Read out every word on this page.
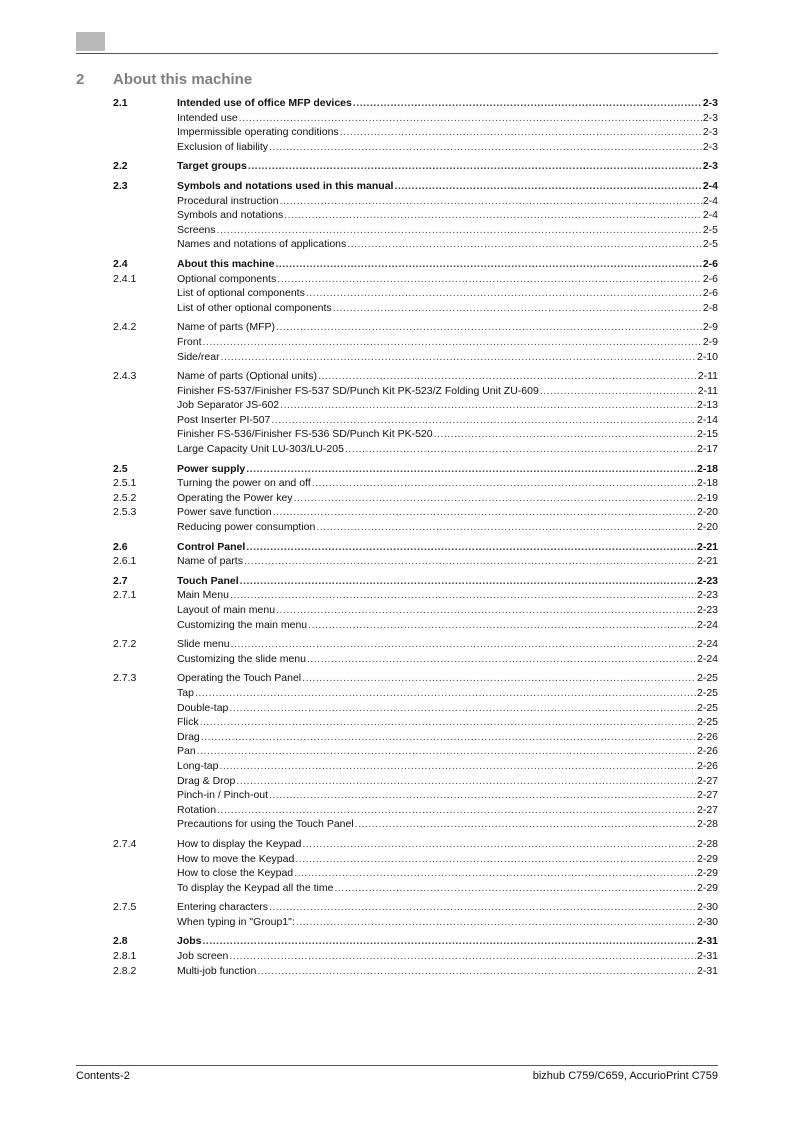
2 About this machine
2.1	Intended use of office MFP devices .....	2-3
Intended use .....	2-3
Impermissible operating conditions .....	2-3
Exclusion of liability .....	2-3
2.2	Target groups .....	2-3
2.3	Symbols and notations used in this manual .....	2-4
Procedural instruction .....	2-4
Symbols and notations .....	2-4
Screens .....	2-5
Names and notations of applications .....	2-5
2.4	About this machine .....	2-6
2.4.1	Optional components .....	2-6
List of optional components .....	2-6
List of other optional components .....	2-8
2.4.2	Name of parts (MFP) .....	2-9
Front .....	2-9
Side/rear .....	2-10
2.4.3	Name of parts (Optional units) .....	2-11
Finisher FS-537/Finisher FS-537 SD/Punch Kit PK-523/Z Folding Unit ZU-609 .....	2-11
Job Separator JS-602 .....	2-13
Post Inserter PI-507 .....	2-14
Finisher FS-536/Finisher FS-536 SD/Punch Kit PK-520 .....	2-15
Large Capacity Unit LU-303/LU-205 .....	2-17
2.5	Power supply .....	2-18
2.5.1	Turning the power on and off .....	2-18
2.5.2	Operating the Power key .....	2-19
2.5.3	Power save function .....	2-20
Reducing power consumption .....	2-20
2.6	Control Panel .....	2-21
2.6.1	Name of parts .....	2-21
2.7	Touch Panel .....	2-23
2.7.1	Main Menu .....	2-23
Layout of main menu .....	2-23
Customizing the main menu .....	2-24
2.7.2	Slide menu .....	2-24
Customizing the slide menu .....	2-24
2.7.3	Operating the Touch Panel .....	2-25
Tap .....	2-25
Double-tap .....	2-25
Flick .....	2-25
Drag .....	2-26
Pan .....	2-26
Long-tap .....	2-26
Drag & Drop .....	2-27
Pinch-in / Pinch-out .....	2-27
Rotation .....	2-27
Precautions for using the Touch Panel .....	2-28
2.7.4	How to display the Keypad .....	2-28
How to move the Keypad .....	2-29
How to close the Keypad .....	2-29
To display the Keypad all the time .....	2-29
2.7.5	Entering characters .....	2-30
When typing in "Group1": .....	2-30
2.8	Jobs .....	2-31
2.8.1	Job screen .....	2-31
2.8.2	Multi-job function .....	2-31
Contents-2	bizhub C759/C659, AccurioPrint C759
